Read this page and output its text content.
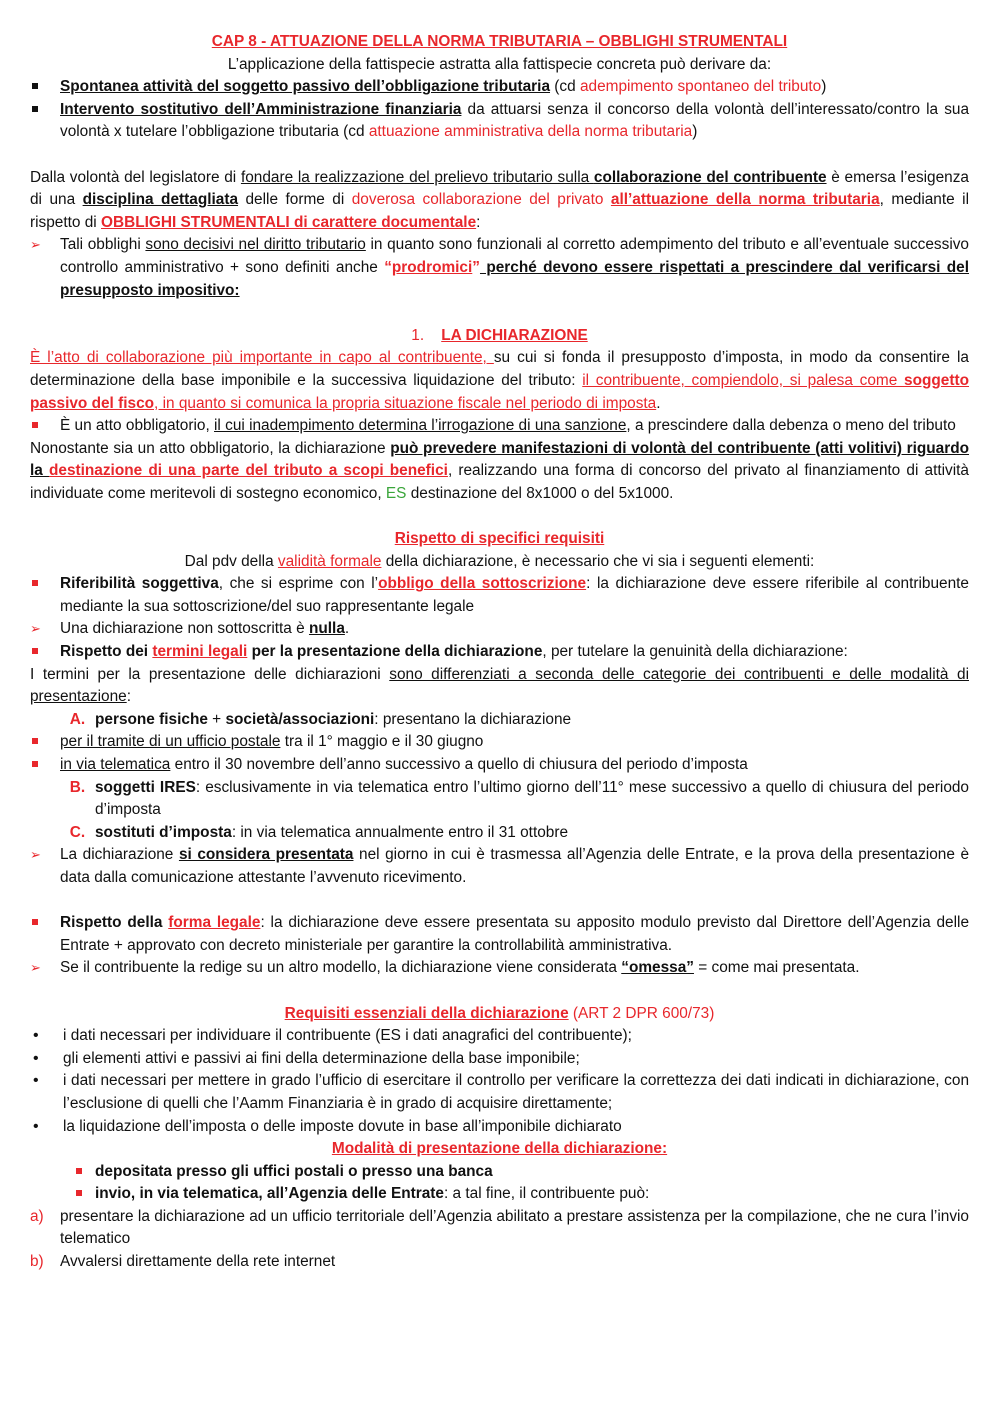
CAP 8 - ATTUAZIONE DELLA NORMA TRIBUTARIA – OBBLIGHI STRUMENTALI

L’applicazione della fattispecie astratta alla fattispecie concreta può derivare da:

Spontanea attività del soggetto passivo dell’obbligazione tributaria (cd adempimento spontaneo del tributo)
Intervento sostitutivo dell’Amministrazione finanziaria da attuarsi senza il concorso della volontà dell’interessato/contro la sua volontà x tutelare l’obbligazione tributaria (cd attuazione amministrativa della norma tributaria)

Dalla volontà del legislatore di fondare la realizzazione del prelievo tributario sulla collaborazione del contribuente è emersa l’esigenza di una disciplina dettagliata delle forme di doverosa collaborazione del privato all’attuazione della norma tributaria, mediante il rispetto di OBBLIGHI STRUMENTALI di carattere documentale:

➢	Tali obblighi sono decisivi nel diritto tributario in quanto sono funzionali al corretto adempimento del tributo e all’eventuale successivo controllo amministrativo + sono definiti anche “prodromici” perché devono essere rispettati a prescindere dal verificarsi del presupposto impositivo:

1. LA DICHIARAZIONE

È l’atto di collaborazione più importante in capo al contribuente, su cui si fonda il presupposto d’imposta, in modo da consentire la determinazione della base imponibile e la successiva liquidazione del tributo: il contribuente, compiendolo, si palesa come soggetto passivo del fisco, in quanto si comunica la propria situazione fiscale nel periodo di imposta.

È un atto obbligatorio, il cui inadempimento determina l’irrogazione di una sanzione, a prescindere dalla debenza o meno del tributo

Nonostante sia un atto obbligatorio, la dichiarazione può prevedere manifestazioni di volontà del contribuente (atti volitivi) riguardo la destinazione di una parte del tributo a scopi benefici, realizzando una forma di concorso del privato al finanziamento di attività individuate come meritevoli di sostegno economico, ES destinazione del 8x1000 o del 5x1000.

Rispetto di specifici requisiti

Dal pdv della validità formale della dichiarazione, è necessario che vi sia i seguenti elementi:

Riferibilità soggettiva, che si esprime con l’obbligo della sottoscrizione: la dichiarazione deve essere riferibile al contribuente mediante la sua sottoscrizione/del suo rappresentante legale
➢	Una dichiarazione non sottoscritta è nulla.
Rispetto dei termini legali per la presentazione della dichiarazione, per tutelare la genuinità della dichiarazione:

I termini per la presentazione delle dichiarazioni sono differenziati a seconda delle categorie dei contribuenti e delle modalità di presentazione:

A. persone fisiche + società/associazioni: presentano la dichiarazione
per il tramite di un ufficio postale tra il 1° maggio e il 30 giugno
in via telematica entro il 30 novembre dell’anno successivo a quello di chiusura del periodo d’imposta
B. soggetti IRES: esclusivamente in via telematica entro l’ultimo giorno dell’11° mese successivo a quello di chiusura del periodo d’imposta
C. sostituti d’imposta: in via telematica annualmente entro il 31 ottobre
➢	La dichiarazione si considera presentata nel giorno in cui è trasmessa all’Agenzia delle Entrate, e la prova della presentazione è data dalla comunicazione attestante l’avvenuto ricevimento.
Rispetto della forma legale: la dichiarazione deve essere presentata su apposito modulo previsto dal Direttore dell’Agenzia delle Entrate + approvato con decreto ministeriale per garantire la controllabilità amministrativa.
➢	Se il contribuente la redige su un altro modello, la dichiarazione viene considerata “omessa” = come mai presentata.

Requisiti essenziali della dichiarazione (ART 2 DPR 600/73)

•	i dati necessari per individuare il contribuente (ES i dati anagrafici del contribuente);
•	gli elementi attivi e passivi ai fini della determinazione della base imponibile;
•	i dati necessari per mettere in grado l’ufficio di esercitare il controllo per verificare la correttezza dei dati indicati in dichiarazione, con l’esclusione di quelli che l’Aamm Finanziaria è in grado di acquisire direttamente;
•	la liquidazione dell’imposta o delle imposte dovute in base all’imponibile dichiarato

Modalità di presentazione della dichiarazione:

depositata presso gli uffici postali o presso una banca
invio, in via telematica, all’Agenzia delle Entrate: a tal fine, il contribuente può:
a)	presentare la dichiarazione ad un ufficio territoriale dell’Agenzia abilitato a prestare assistenza per la compilazione, che ne cura l’invio telematico
b)	Avvalersi direttamente della rete internet
